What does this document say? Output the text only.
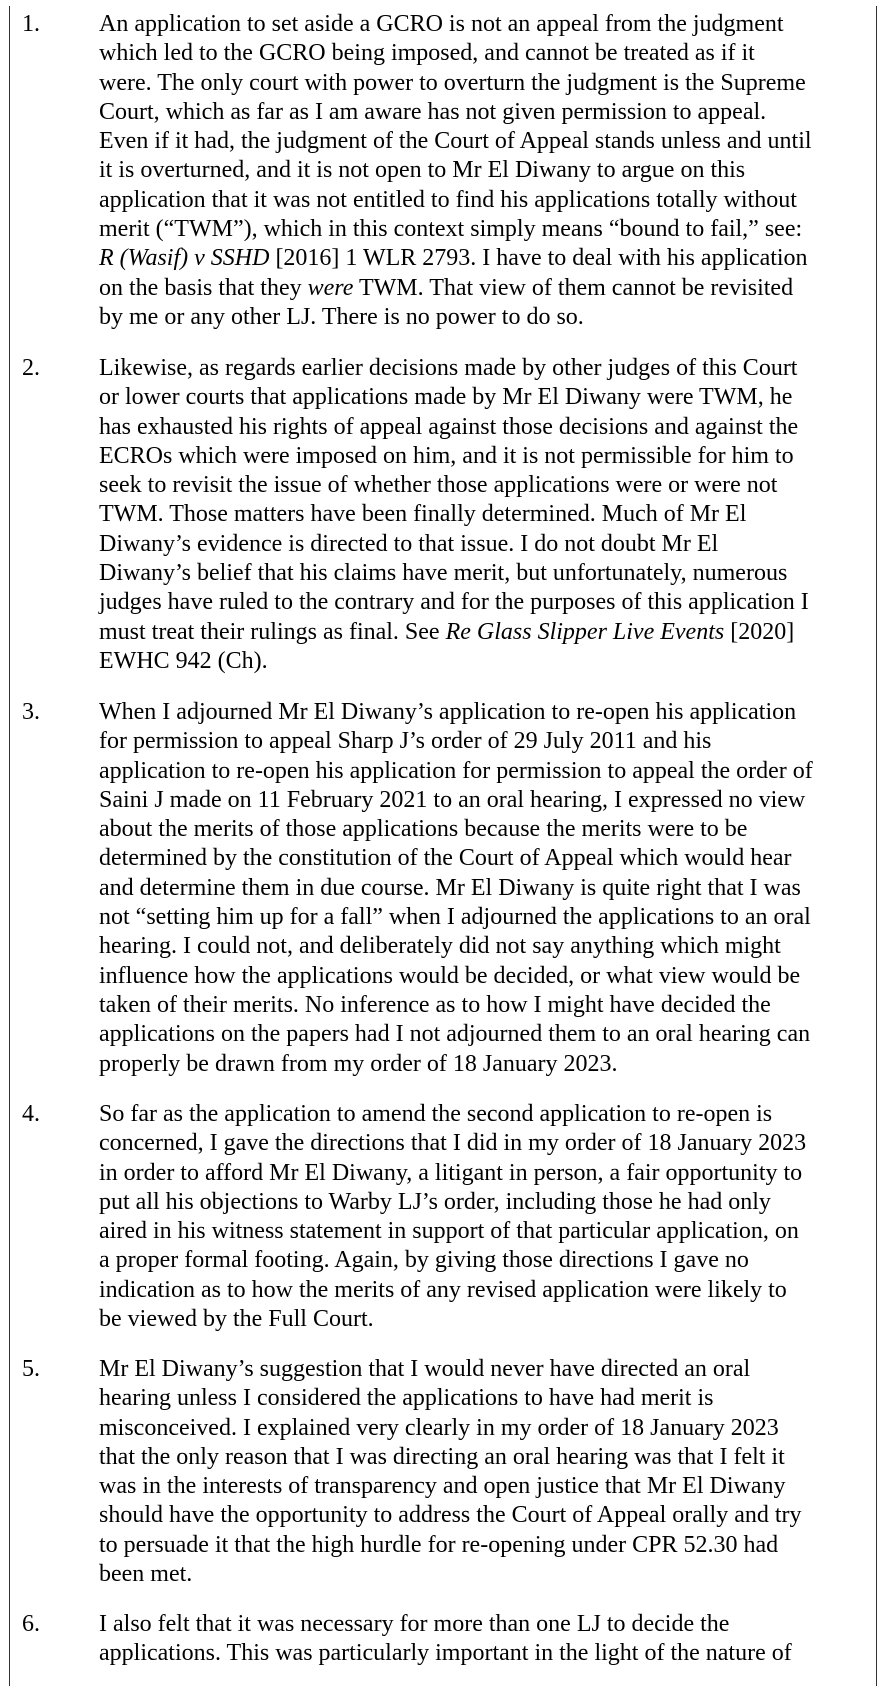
1. An application to set aside a GCRO is not an appeal from the judgment
which led to the GCRO being imposed, and cannot be treated as if it
were. The only court with power to overturn the judgment is the Supreme
Court, which as far as I am aware has not given permission to appeal.
Even if it had, the judgment of the Court of Appeal stands unless and until
it is overturned, and it is not open to Mr El Diwany to argue on this
application that it was not entitled to find his applications totally without
merit (“TWM”), which in this context simply means “bound to fail,” see:
R (Wasif) v SSHD [2016] 1 WLR 2793. I have to deal with his application
on the basis that they were TWM. That view of them cannot be revisited
by me or any other LJ. There is no power to do so.
2. Likewise, as regards earlier decisions made by other judges of this Court
or lower courts that applications made by Mr El Diwany were TWM, he
has exhausted his rights of appeal against those decisions and against the
ECROs which were imposed on him, and it is not permissible for him to
seek to revisit the issue of whether those applications were or were not
TWM. Those matters have been finally determined. Much of Mr El
Diwany’s evidence is directed to that issue. I do not doubt Mr El
Diwany’s belief that his claims have merit, but unfortunately, numerous
judges have ruled to the contrary and for the purposes of this application I
must treat their rulings as final. See Re Glass Slipper Live Events [2020]
EWHC 942 (Ch).
3. When I adjourned Mr El Diwany’s application to re-open his application
for permission to appeal Sharp J’s order of 29 July 2011 and his
application to re-open his application for permission to appeal the order of
Saini J made on 11 February 2021 to an oral hearing, I expressed no view
about the merits of those applications because the merits were to be
determined by the constitution of the Court of Appeal which would hear
and determine them in due course. Mr El Diwany is quite right that I was
not “setting him up for a fall” when I adjourned the applications to an oral
hearing. I could not, and deliberately did not say anything which might
influence how the applications would be decided, or what view would be
taken of their merits. No inference as to how I might have decided the
applications on the papers had I not adjourned them to an oral hearing can
properly be drawn from my order of 18 January 2023.
4. So far as the application to amend the second application to re-open is
concerned, I gave the directions that I did in my order of 18 January 2023
in order to afford Mr El Diwany, a litigant in person, a fair opportunity to
put all his objections to Warby LJ’s order, including those he had only
aired in his witness statement in support of that particular application, on
a proper formal footing. Again, by giving those directions I gave no
indication as to how the merits of any revised application were likely to
be viewed by the Full Court.
5. Mr El Diwany’s suggestion that I would never have directed an oral
hearing unless I considered the applications to have had merit is
misconceived. I explained very clearly in my order of 18 January 2023
that the only reason that I was directing an oral hearing was that I felt it
was in the interests of transparency and open justice that Mr El Diwany
should have the opportunity to address the Court of Appeal orally and try
to persuade it that the high hurdle for re-opening under CPR 52.30 had
been met.
6. I also felt that it was necessary for more than one LJ to decide the
applications. This was particularly important in the light of the nature of
